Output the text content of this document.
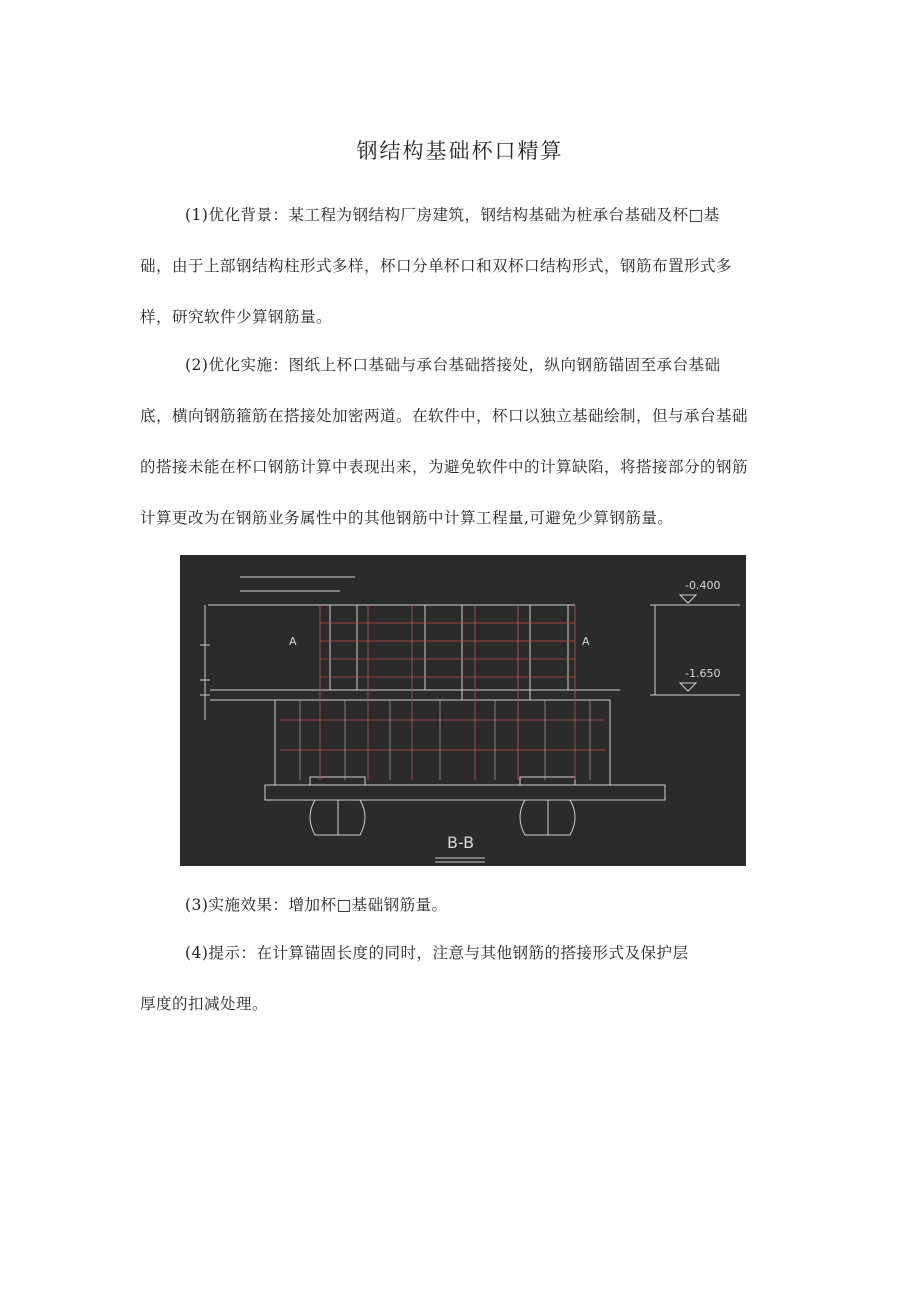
钢结构基础杯口精算
(1)优化背景：某工程为钢结构厂房建筑，钢结构基础为桩承台基础及杯□基
础，由于上部钢结构柱形式多样，杯口分单杯口和双杯口结构形式，钢筋布置形式多
样，研究软件少算钢筋量。
(2)优化实施：图纸上杯口基础与承台基础搭接处，纵向钢筋锚固至承台基础
底，横向钢筋箍筋在搭接处加密两道。在软件中，杯口以独立基础绘制，但与承台基础
的搭接未能在杯口钢筋计算中表现出来，为避免软件中的计算缺陷，将搭接部分的钢筋
计算更改为在钢筋业务属性中的其他钢筋中计算工程量,可避免少算钢筋量。
A	A
-0.400
-1.650
B-B
(3)实施效果：增加杯□基础钢筋量。
(4)提示：在计算锚固长度的同时，注意与其他钢筋的搭接形式及保护层
厚度的扣减处理。
